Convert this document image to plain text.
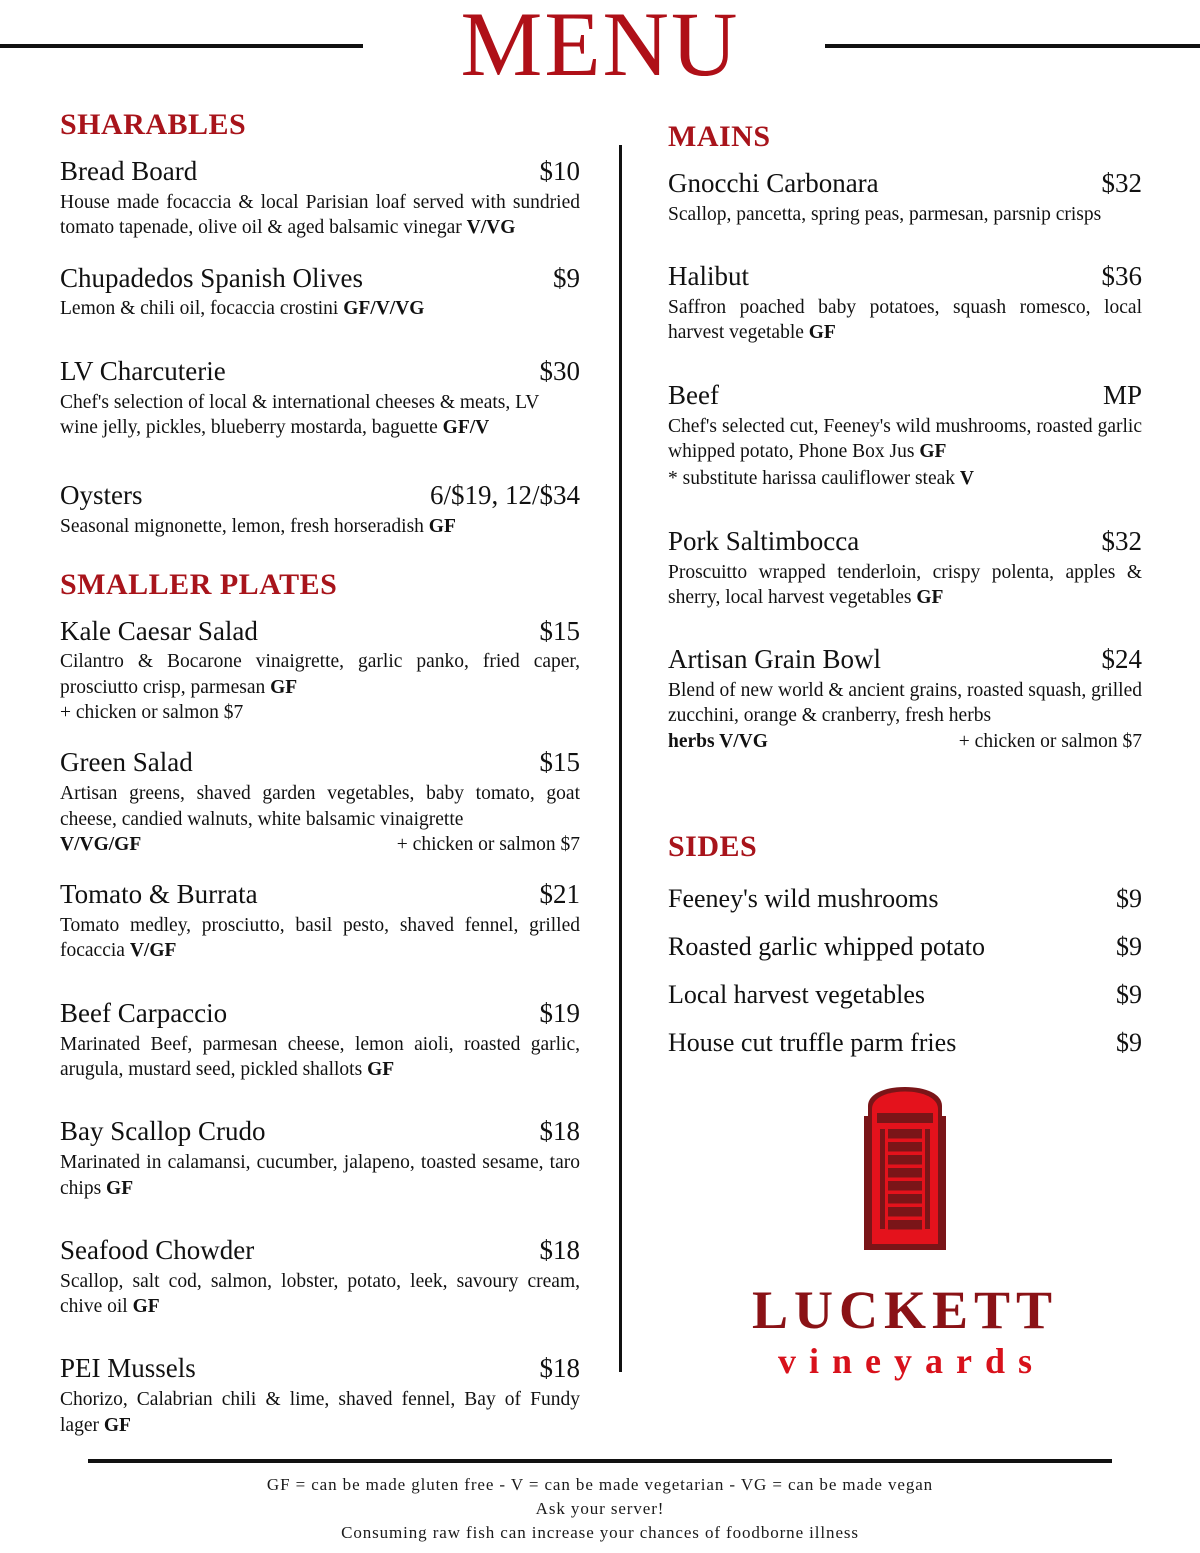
MENU
SHARABLES
Bread Board	$10
House made focaccia & local Parisian loaf served with sundried tomato tapenade, olive oil & aged balsamic vinegar V/VG
Chupadedos Spanish Olives	$9
Lemon & chili oil, focaccia crostini GF/V/VG
LV Charcuterie	$30
Chef's selection of local & international cheeses & meats, LV wine jelly, pickles, blueberry mostarda, baguette GF/V
Oysters	6/$19, 12/$34
Seasonal mignonette, lemon, fresh horseradish GF
SMALLER PLATES
Kale Caesar Salad	$15
Cilantro & Bocarone vinaigrette, garlic panko, fried caper, prosciutto crisp, parmesan GF
+ chicken or salmon $7
Green Salad	$15
Artisan greens, shaved garden vegetables, baby tomato, goat cheese, candied walnuts, white balsamic vinaigrette
V/VG/GF	+ chicken or salmon $7
Tomato & Burrata	$21
Tomato medley, prosciutto, basil pesto, shaved fennel, grilled focaccia V/GF
Beef Carpaccio	$19
Marinated Beef, parmesan cheese, lemon aioli, roasted garlic, arugula, mustard seed, pickled shallots GF
Bay Scallop Crudo	$18
Marinated in calamansi, cucumber, jalapeno, toasted sesame, taro chips GF
Seafood Chowder	$18
Scallop, salt cod, salmon, lobster, potato, leek, savoury cream, chive oil GF
PEI Mussels	$18
Chorizo, Calabrian chili & lime, shaved fennel, Bay of Fundy lager GF
MAINS
Gnocchi Carbonara	$32
Scallop, pancetta, spring peas, parmesan, parsnip crisps
Halibut	$36
Saffron poached baby potatoes, squash romesco, local harvest vegetable GF
Beef	MP
Chef's selected cut, Feeney's wild mushrooms, roasted garlic whipped potato, Phone Box Jus GF
* substitute harissa cauliflower steak V
Pork Saltimbocca	$32
Proscuitto wrapped tenderloin, crispy polenta, apples & sherry, local harvest vegetables GF
Artisan Grain Bowl	$24
Blend of new world & ancient grains, roasted squash, grilled zucchini, orange & cranberry, fresh herbs
herbs V/VG	+ chicken or salmon $7
SIDES
Feeney's wild mushrooms	$9
Roasted garlic whipped potato	$9
Local harvest vegetables	$9
House cut truffle parm fries	$9
LUCKETT
vineyards
GF = can be made gluten free - V = can be made vegetarian - VG = can be made vegan
Ask your server!
Consuming raw fish can increase your chances of foodborne illness
